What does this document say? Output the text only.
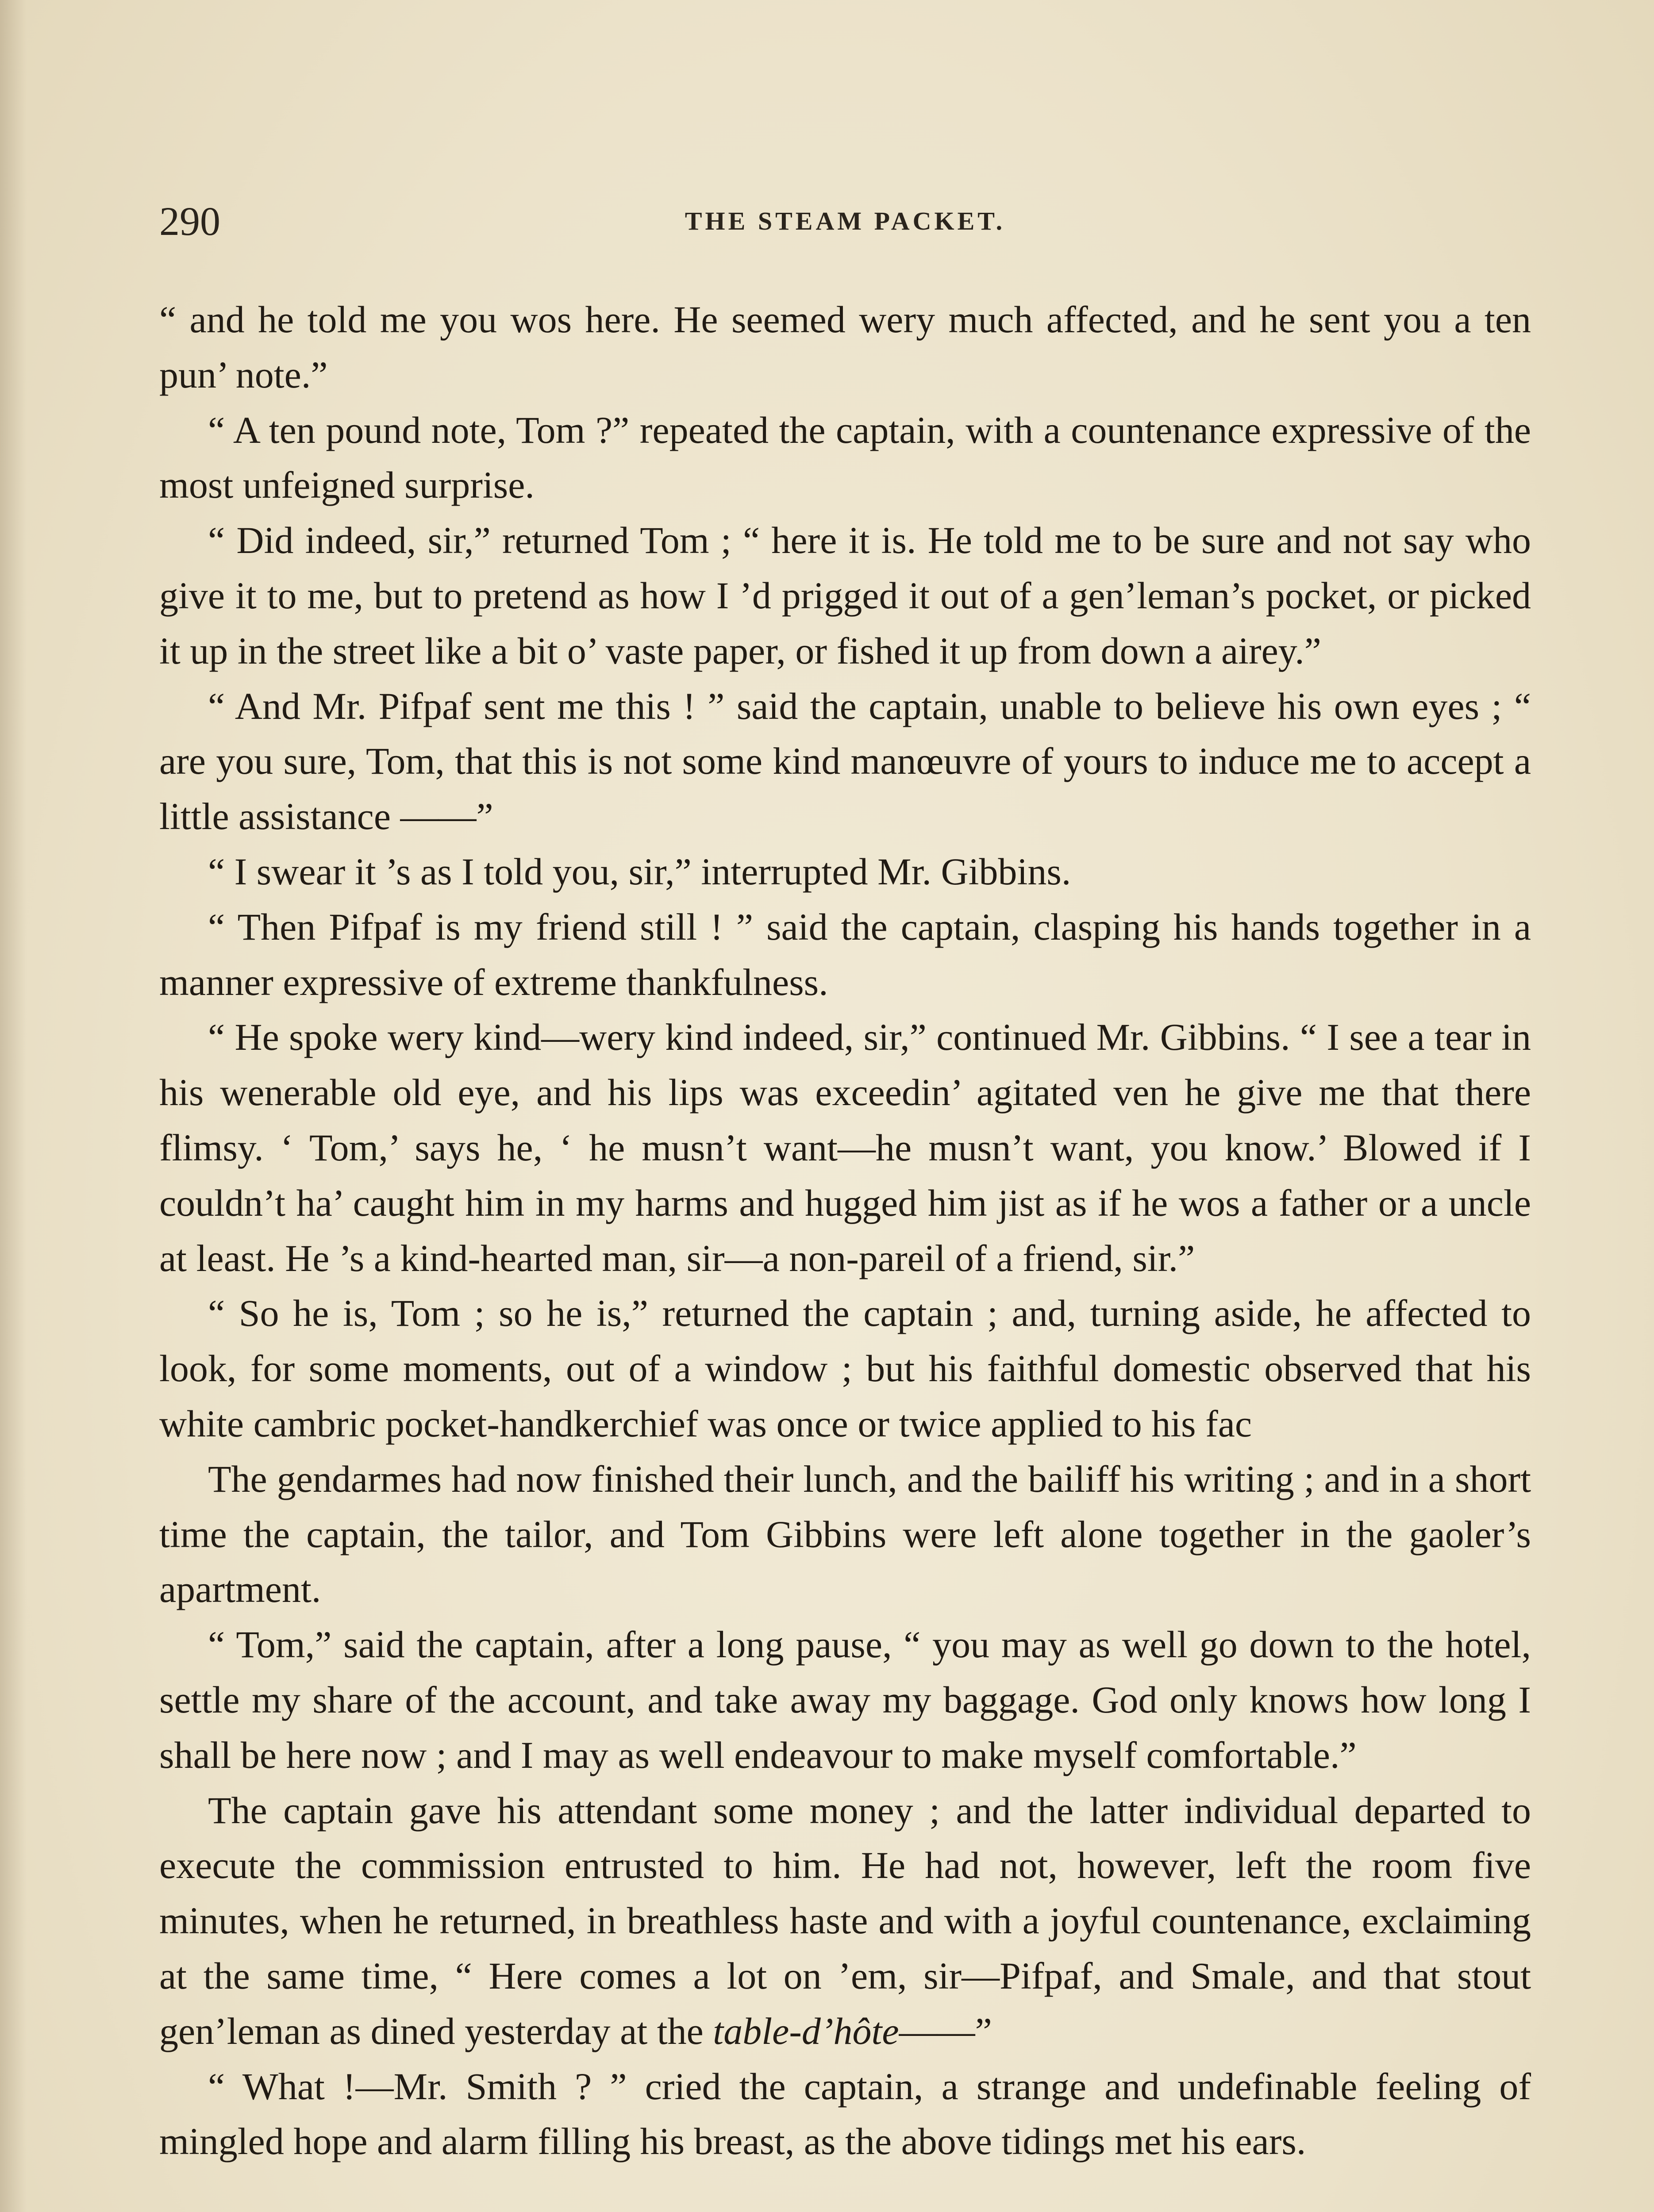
290	THE STEAM PACKET.

“ and he told me you wos here. He seemed wery much affected, and he sent you a ten pun’ note.”

“ A ten pound note, Tom ?” repeated the captain, with a countenance expressive of the most unfeigned surprise.

“ Did indeed, sir,” returned Tom ; “ here it is. He told me to be sure and not say who give it to me, but to pretend as how I ’d prigged it out of a gen’leman’s pocket, or picked it up in the street like a bit o’ vaste paper, or fished it up from down a airey.”

“ And Mr. Pifpaf sent me this ! ” said the captain, unable to believe his own eyes ; “ are you sure, Tom, that this is not some kind manœuvre of yours to induce me to accept a little assistance ——”

“ I swear it ’s as I told you, sir,” interrupted Mr. Gibbins.

“ Then Pifpaf is my friend still ! ” said the captain, clasping his hands together in a manner expressive of extreme thankfulness.

“ He spoke wery kind—wery kind indeed, sir,” continued Mr. Gibbins. “ I see a tear in his wenerable old eye, and his lips was exceedin’ agitated ven he give me that there flimsy. ‘ Tom,’ says he, ‘ he musn’t want—he musn’t want, you know.’ Blowed if I couldn’t ha’ caught him in my harms and hugged him jist as if he wos a father or a uncle at least. He ’s a kind-hearted man, sir—a non-pareil of a friend, sir.”

“ So he is, Tom ; so he is,” returned the captain ; and, turning aside, he affected to look, for some moments, out of a window ; but his faithful domestic observed that his white cambric pocket-handkerchief was once or twice applied to his fac

The gendarmes had now finished their lunch, and the bailiff his writing ; and in a short time the captain, the tailor, and Tom Gibbins were left alone together in the gaoler’s apartment.

“ Tom,” said the captain, after a long pause, “ you may as well go down to the hotel, settle my share of the account, and take away my baggage. God only knows how long I shall be here now ; and I may as well endeavour to make myself comfortable.”

The captain gave his attendant some money ; and the latter individual departed to execute the commission entrusted to him. He had not, however, left the room five minutes, when he returned, in breathless haste and with a joyful countenance, exclaiming at the same time, “ Here comes a lot on ’em, sir—Pifpaf, and Smale, and that stout gen’leman as dined yesterday at the table-d’hôte——”

“ What !—Mr. Smith ? ” cried the captain, a strange and undefinable feeling of mingled hope and alarm filling his breast, as the above tidings met his ears.
